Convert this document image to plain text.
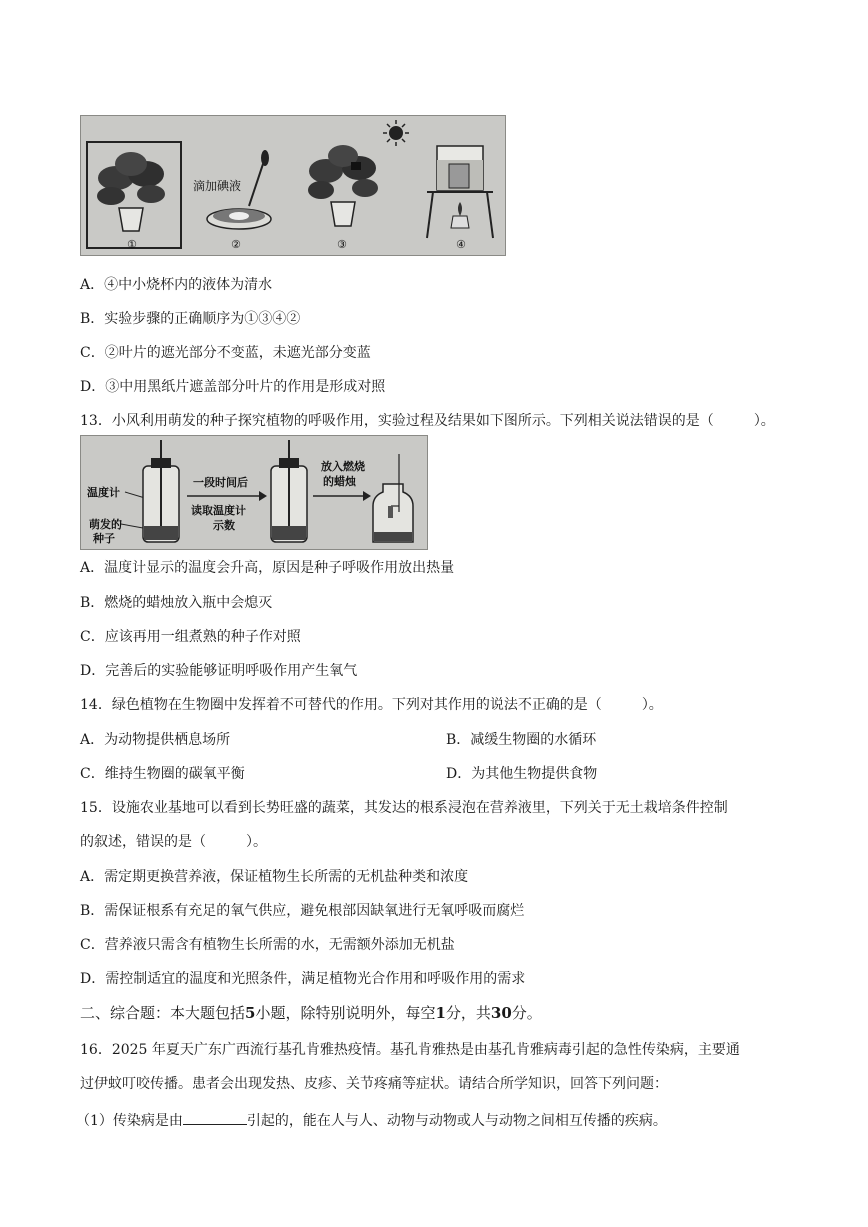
①
滴加碘液
②	③	④
A．④中小烧杯内的液体为清水
B．实验步骤的正确顺序为①③④②
C．②叶片的遮光部分不变蓝，未遮光部分变蓝
D．③中用黑纸片遮盖部分叶片的作用是形成对照
13．小风利用萌发的种子探究植物的呼吸作用，实验过程及结果如下图所示。下列相关说法错误的是（	）。
温度计
萌发的
种子
一段时间后
读取温度计
示数
放入燃烧
的蜡烛
A．温度计显示的温度会升高，原因是种子呼吸作用放出热量
B．燃烧的蜡烛放入瓶中会熄灭
C．应该再用一组煮熟的种子作对照
D．完善后的实验能够证明呼吸作用产生氧气
14．绿色植物在生物圈中发挥着不可替代的作用。下列对其作用的说法不正确的是（	）。
A．为动物提供栖息场所	B．减缓生物圈的水循环
C．维持生物圈的碳氧平衡	D．为其他生物提供食物
15．设施农业基地可以看到长势旺盛的蔬菜，其发达的根系浸泡在营养液里，下列关于无土栽培条件控制
的叙述，错误的是（	）。
A．需定期更换营养液，保证植物生长所需的无机盐种类和浓度
B．需保证根系有充足的氧气供应，避免根部因缺氧进行无氧呼吸而腐烂
C．营养液只需含有植物生长所需的水，无需额外添加无机盐
D．需控制适宜的温度和光照条件，满足植物光合作用和呼吸作用的需求
二、综合题：本大题包括5小题，除特别说明外，每空1分，共30分。
16．2025 年夏天广东广西流行基孔肯雅热疫情。基孔肯雅热是由基孔肯雅病毒引起的急性传染病，主要通
过伊蚊叮咬传播。患者会出现发热、皮疹、关节疼痛等症状。请结合所学知识，回答下列问题：
（1）传染病是由	引起的，能在人与人、动物与动物或人与动物之间相互传播的疾病。
